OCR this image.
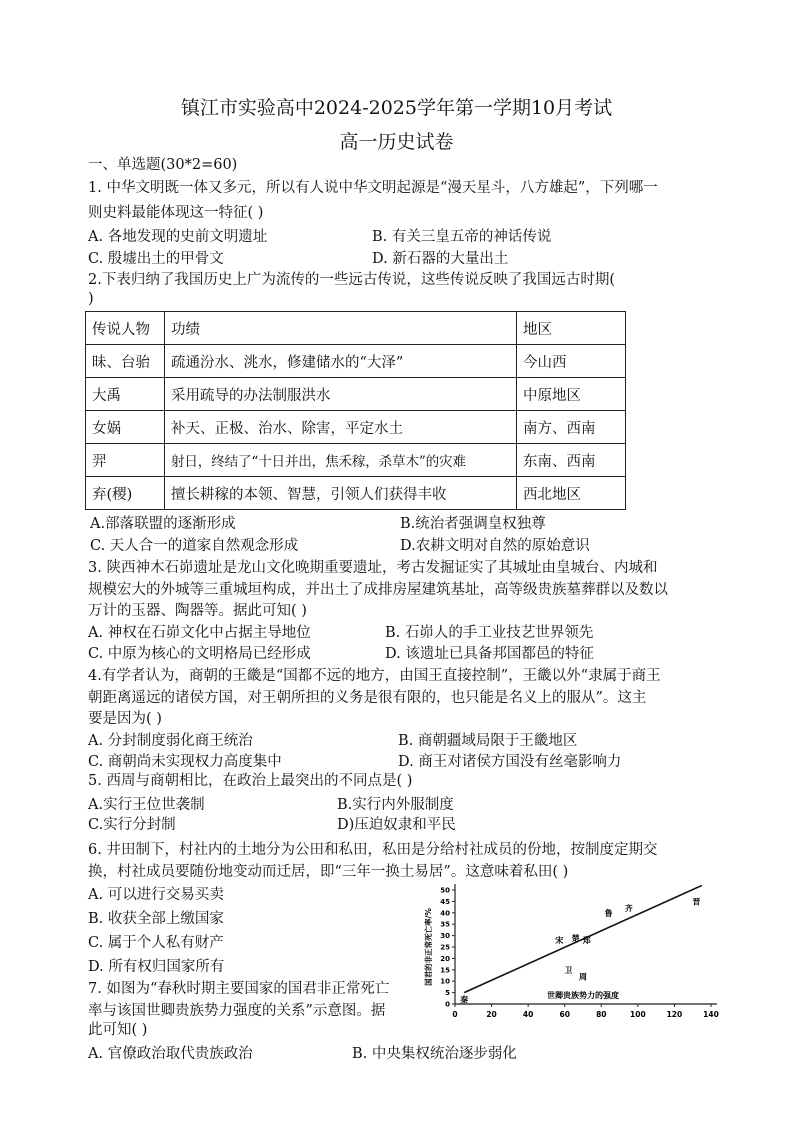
镇江市实验高中2024-2025学年第一学期10月考试
高一历史试卷
一、单选题(30*2=60)
1. 中华文明既一体又多元，所以有人说中华文明起源是“漫天星斗，八方雄起”，下列哪一
则史料最能体现这一特征( )
A. 各地发现的史前文明遗址	B. 有关三皇五帝的神话传说
C. 殷墟出土的甲骨文	D. 新石器的大量出土
2.下表归纳了我国历史上广为流传的一些远古传说，这些传说反映了我国远古时期(
)
传说人物	功绩	地区
昧、台骀	疏通汾水、洮水，修建储水的“大泽”	今山西
大禹	采用疏导的办法制服洪水	中原地区
女娲	补天、正极、治水、除害，平定水土	南方、西南
羿	射日，终结了“十日并出，焦禾稼，杀草木”的灾难	东南、西南
弃(稷)	擅长耕稼的本领、智慧，引领人们获得丰收	西北地区
A.部落联盟的逐渐形成	B.统治者强调皇权独尊
C. 天人合一的道家自然观念形成	D.农耕文明对自然的原始意识
3. 陕西神木石峁遗址是龙山文化晚期重要遗址，考古发掘证实了其城址由皇城台、内城和
规模宏大的外城等三重城垣构成，并出土了成排房屋建筑基址，高等级贵族墓葬群以及数以
万计的玉器、陶器等。据此可知( )
A. 神权在石峁文化中占据主导地位	B. 石峁人的手工业技艺世界领先
C. 中原为核心的文明格局已经形成	D. 该遗址已具备邦国都邑的特征
4.有学者认为，商朝的王畿是“国都不远的地方，由国王直接控制”，王畿以外“隶属于商王
朝距离遥远的诸侯方国，对王朝所担的义务是很有限的，也只能是名义上的服从”。这主
要是因为( )
A. 分封制度弱化商王统治	B. 商朝疆域局限于王畿地区
C. 商朝尚未实现权力高度集中	D. 商王对诸侯方国没有丝毫影响力
5. 西周与商朝相比，在政治上最突出的不同点是( )
A.实行王位世袭制	B.实行内外服制度
C.实行分封制	D)压迫奴隶和平民
6. 井田制下，村社内的土地分为公田和私田，私田是分给村社成员的份地，按制度定期交
换，村社成员要随份地变动而迁居，即“三年一换土易居”。这意味着私田( )
A. 可以进行交易买卖
B. 收获全部上缴国家
C. 属于个人私有财产
D. 所有权归国家所有
7. 如图为“春秋时期主要国家的国君非正常死亡
率与该国世卿贵族势力强度的关系”示意图。据
此可知( )
A. 官僚政治取代贵族政治	B. 中央集权统治逐步弱化
0	20	40	60	80	100	120	140
0
5
10
15
20
25
30
35
40
45
50
世卿贵族势力的强度
国君的非正常死亡率/%
秦
卫
周
宋 楚 郑
鲁
齐
晋
